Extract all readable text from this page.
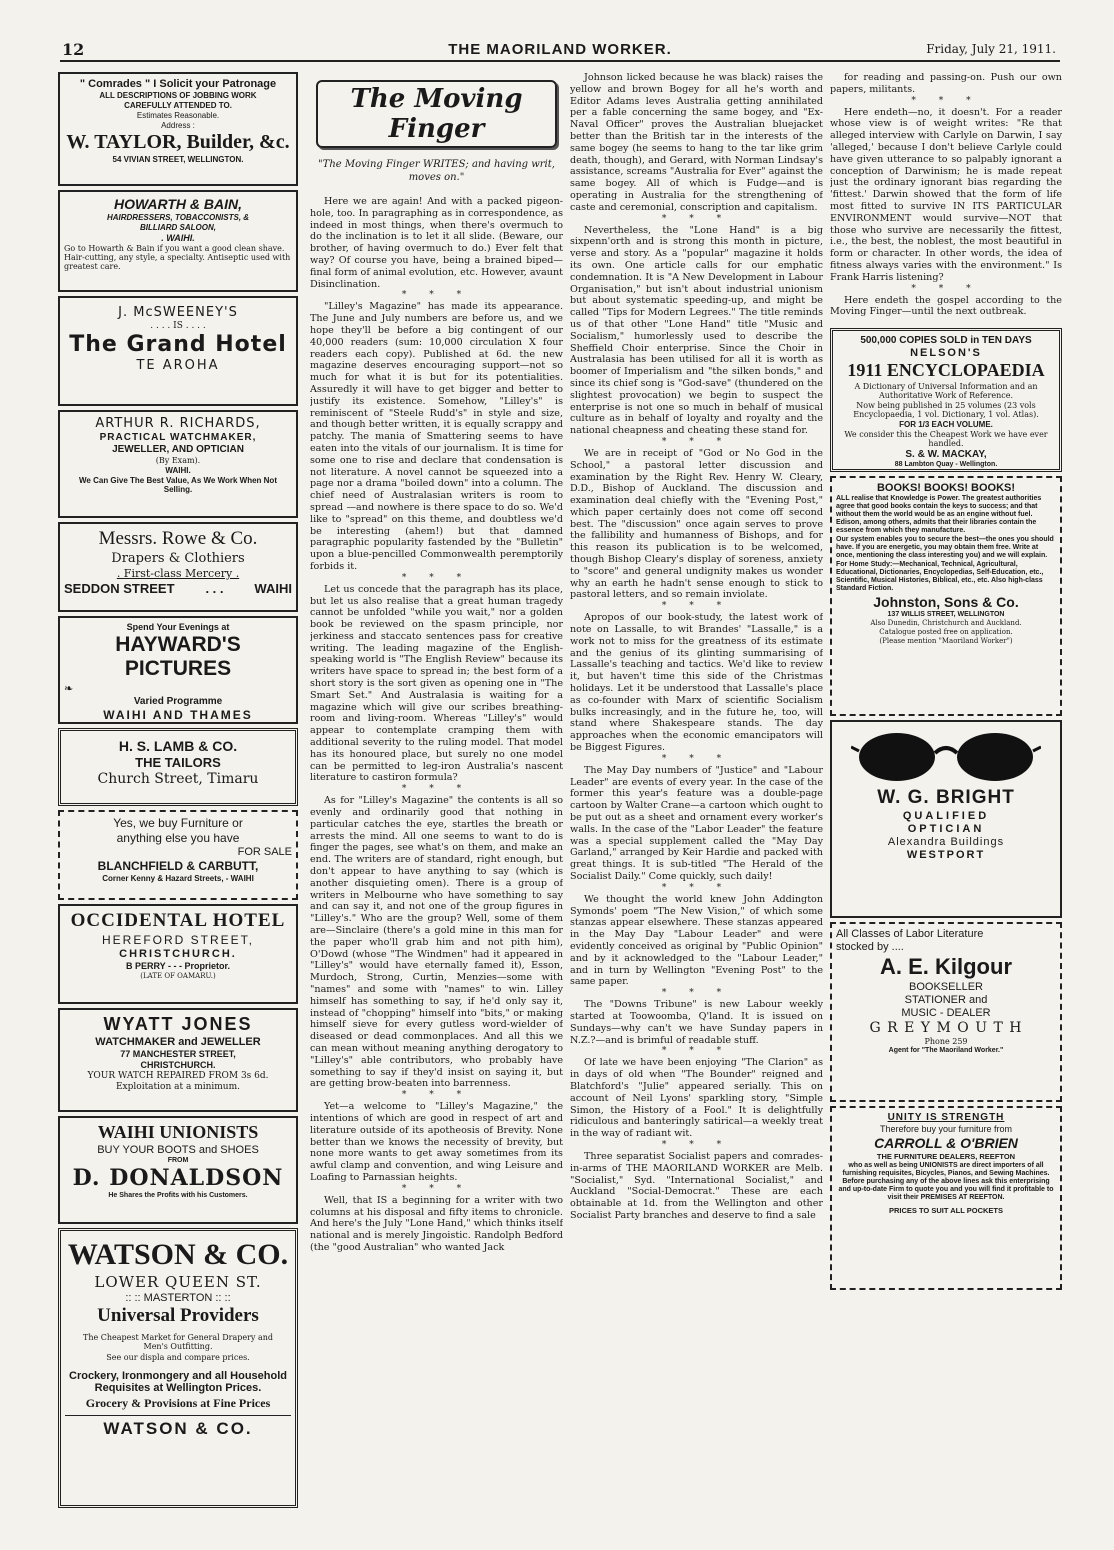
12	THE MAORILAND WORKER.	Friday, July 21, 1911.

" Comrades " I Solicit your Patronage

ALL DESCRIPTIONS OF JOBBING WORK

CAREFULLY ATTENDED TO.

Estimates Reasonable.

Address :

W. TAYLOR, Builder, &c.

54 VIVIAN STREET, WELLINGTON.

HOWARTH & BAIN,

HAIRDRESSERS, TOBACCONISTS, &

BILLIARD SALOON,

. WAIHI.

Go to Howarth & Bain if you want a good clean shave. Hair-cutting, any style, a specialty. Antiseptic used with greatest care.

J. McSWEENEY'S

. . . . IS . . . .

The Grand Hotel

TE AROHA

ARTHUR R. RICHARDS,

PRACTICAL WATCHMAKER,

JEWELLER, AND OPTICIAN

(By Exam).

WAIHI.

We Can Give The Best Value, As We Work When Not Selling.

Messrs. Rowe & Co.

Drapers & Clothiers

. First-class Mercery .

SEDDON STREET . . . WAIHI

Spend Your Evenings at

HAYWARD'S PICTURES

❧

Varied Programme

WAIHI AND THAMES

H. S. LAMB & CO.

THE TAILORS

Church Street, Timaru

Yes, we buy Furniture or

anything else you have

FOR SALE

BLANCHFIELD & CARBUTT,

Corner Kenny & Hazard Streets, - WAIHI

OCCIDENTAL HOTEL

HEREFORD STREET,

CHRISTCHURCH.

B PERRY - - - Proprietor.

(LATE OF OAMARU.)

WYATT JONES

WATCHMAKER and JEWELLER

77 MANCHESTER STREET,

CHRISTCHURCH.

YOUR WATCH REPAIRED FROM 3s 6d.

Exploitation at a minimum.

WAIHI UNIONISTS

BUY YOUR BOOTS and SHOES

FROM

D. DONALDSON

He Shares the Profits with his Customers.

WATSON & CO.

LOWER QUEEN ST.

:: :: MASTERTON :: ::

Universal Providers

The Cheapest Market for General Drapery and Men's Outfitting.

See our displa and compare prices.

Crockery, Ironmongery and all Household Requisites at Wellington Prices.

Grocery & Provisions at Fine Prices

WATSON & CO.

The Moving Finger
"The Moving Finger WRITES; and having writ, moves on."

Here we are again! And with a packed pigeon-hole, too. In paragraphing as in correspondence, as indeed in most things, when there's overmuch to do the inclination is to let it all slide. (Beware, our brother, of having overmuch to do.) Ever felt that way? Of course you have, being a brained biped—final form of animal evolution, etc. However, avaunt Disinclination.

* * *

"Lilley's Magazine" has made its appearance. The June and July numbers are before us, and we hope they'll be before a big contingent of our 40,000 readers (sum: 10,000 circulation X four readers each copy). Published at 6d. the new magazine deserves encouraging support—not so much for what it is but for its potentialities. Assuredly it will have to get bigger and better to justify its existence. Somehow, "Lilley's" is reminiscent of "Steele Rudd's" in style and size, and though better written, it is equally scrappy and patchy. The mania of Smattering seems to have eaten into the vitals of our journalism. It is time for some one to rise and declare that condensation is not literature. A novel cannot be squeezed into a page nor a drama "boiled down" into a column. The chief need of Australasian writers is room to spread —and nowhere is there space to do so. We'd like to "spread" on this theme, and doubtless we'd be interesting (ahem!) but that damned paragraphic popularity fastended by the "Bulletin" upon a blue-pencilled Commonwealth peremptorily forbids it.

* * *

Let us concede that the paragraph has its place, but let us also realise that a great human tragedy cannot be unfolded "while you wait," nor a golden book be reviewed on the spasm principle, nor jerkiness and staccato sentences pass for creative writing. The leading magazine of the English-speaking world is "The English Review" because its writers have space to spread in; the best form of a short story is the sort given as opening one in "The Smart Set." And Australasia is waiting for a magazine which will give our scribes breathing-room and living-room. Whereas "Lilley's" would appear to contemplate cramping them with additional severity to the ruling model. That model has its honoured place, but surely no one model can be permitted to leg-iron Australia's nascent literature to castiron formula?

* * *

As for "Lilley's Magazine" the contents is all so evenly and ordinarily good that nothing in particular catches the eye, startles the breath or arrests the mind. All one seems to want to do is finger the pages, see what's on them, and make an end. The writers are of standard, right enough, but don't appear to have anything to say (which is another disquieting omen). There is a group of writers in Melbourne who have something to say and can say it, and not one of the group figures in "Lilley's." Who are the group? Well, some of them are—Sinclaire (there's a gold mine in this man for the paper who'll grab him and not pith him), O'Dowd (whose "The Windmen" had it appeared in "Lilley's" would have eternally famed it), Esson, Murdoch, Strong, Curtin, Menzies—some with "names" and some with "names" to win. Lilley himself has something to say, if he'd only say it, instead of "chopping" himself into "bits," or making himself sieve for every gutless word-wielder of diseased or dead commonplaces. And all this we can mean without meaning anything derogatory to "Lilley's" able contributors, who probably have something to say if they'd insist on saying it, but are getting brow-beaten into barrenness.

* * *

Yet—a welcome to "Lilley's Magazine," the intentions of which are good in respect of art and literature outside of its apotheosis of Brevity. None better than we knows the necessity of brevity, but none more wants to get away sometimes from its awful clamp and convention, and wing Leisure and Loafing to Parnassian heights.

* * *

Well, that IS a beginning for a writer with two columns at his disposal and fifty items to chronicle. And here's the July "Lone Hand," which thinks itself national and is merely Jingoistic. Randolph Bedford (the "good Australian" who wanted Jack

Johnson licked because he was black) raises the yellow and brown Bogey for all he's worth and Editor Adams leves Australia getting annihilated per a fable concerning the same bogey, and "Ex-Naval Officer" proves the Australian bluejacket better than the British tar in the interests of the same bogey (he seems to hang to the tar like grim death, though), and Gerard, with Norman Lindsay's assistance, screams "Australia for Ever" against the same bogey. All of which is Fudge—and is operating in Australia for the strengthening of caste and ceremonial, conscription and capitalism.

* * *

Nevertheless, the "Lone Hand" is a big sixpenn'orth and is strong this month in picture, verse and story. As a "popular" magazine it holds its own. One article calls for our emphatic condemnation. It is "A New Development in Labour Organisation," but isn't about industrial unionism but about systematic speeding-up, and might be called "Tips for Modern Legrees." The title reminds us of that other "Lone Hand" title "Music and Socialism," humorlessly used to describe the Sheffield Choir enterprise. Since the Choir in Australasia has been utilised for all it is worth as boomer of Imperialism and "the silken bonds," and since its chief song is "God-save" (thundered on the slightest provocation) we begin to suspect the enterprise is not one so much in behalf of musical culture as in behalf of loyalty and royalty and the national cheapness and cheating these stand for.

* * *

We are in receipt of "God or No God in the School," a pastoral letter discussion and examination by the Right Rev. Henry W. Cleary, D.D., Bishop of Auckland. The discussion and examination deal chiefly with the "Evening Post," which paper certainly does not come off second best. The "discussion" once again serves to prove the fallibility and humanness of Bishops, and for this reason its publication is to be welcomed, though Bishop Cleary's display of soreness, anxiety to "score" and general undignity makes us wonder why an earth he hadn't sense enough to stick to pastoral letters, and so remain inviolate.

* * *

Apropos of our book-study, the latest work of note on Lassalle, to wit Brandes' "Lassalle," is a work not to miss for the greatness of its estimate and the genius of its glinting summarising of Lassalle's teaching and tactics. We'd like to review it, but haven't time this side of the Christmas holidays. Let it be understood that Lassalle's place as co-founder with Marx of scientific Socialism bulks increasingly, and in the future he, too, will stand where Shakespeare stands. The day approaches when the economic emancipators will be Biggest Figures.

* * *

The May Day numbers of "Justice" and "Labour Leader" are events of every year. In the case of the former this year's feature was a double-page cartoon by Walter Crane—a cartoon which ought to be put out as a sheet and ornament every worker's walls. In the case of the "Labor Leader" the feature was a special supplement called the "May Day Garland," arranged by Keir Hardie and packed with great things. It is sub-titled "The Herald of the Socialist Daily." Come quickly, such daily!

* * *

We thought the world knew John Addington Symonds' poem "The New Vision," of which some stanzas appear elsewhere. These stanzas appeared in the May Day "Labour Leader" and were evidently conceived as original by "Public Opinion" and by it acknowledged to the "Labour Leader," and in turn by Wellington "Evening Post" to the same paper.

* * *

The "Downs Tribune" is new Labour weekly started at Toowoomba, Q'land. It is issued on Sundays—why can't we have Sunday papers in N.Z.?—and is brimful of readable stuff.

* * *

Of late we have been enjoying "The Clarion" as in days of old when "The Bounder" reigned and Blatchford's "Julie" appeared serially. This on account of Neil Lyons' sparkling story, "Simple Simon, the History of a Fool." It is delightfully ridiculous and banteringly satirical—a weekly treat in the way of radiant wit.

* * *

Three separatist Socialist papers and comrades-in-arms of THE MAORILAND WORKER are Melb. "Socialist," Syd. "International Socialist," and Auckland "Social-Democrat." These are each obtainable at 1d. from the Wellington and other Socialist Party branches and deserve to find a sale

for reading and passing-on. Push our own papers, militants.

* * *

Here endeth—no, it doesn't. For a reader whose view is of weight writes: "Re that alleged interview with Carlyle on Darwin, I say 'alleged,' because I don't believe Carlyle could have given utterance to so palpably ignorant a conception of Darwinism; he is made repeat just the ordinary ignorant bias regarding the 'fittest.' Darwin showed that the form of life most fitted to survive IN ITS PARTICULAR ENVIRONMENT would survive—NOT that those who survive are necessarily the fittest, i.e., the best, the noblest, the most beautiful in form or character. In other words, the idea of fitness always varies with the environment." Is Frank Harris listening?

* * *

Here endeth the gospel according to the Moving Finger—until the next outbreak.

500,000 COPIES SOLD in TEN DAYS

NELSON'S

1911 ENCYCLOPAEDIA

A Dictionary of Universal Information and an Authoritative Work of Reference.

Now being published in 25 volumes (23 vols Encyclopaedia, 1 vol. Dictionary, 1 vol. Atlas).

FOR 1/3 EACH VOLUME.

We consider this the Cheapest Work we have ever handled.

S. & W. MACKAY,

88 Lambton Quay - Wellington.

BOOKS! BOOKS! BOOKS!

ALL realise that Knowledge is Power. The greatest authorities agree that good books contain the keys to success; and that without them the world would be as an engine without fuel. Edison, among others, admits that their libraries contain the essence from which they manufacture.

Our system enables you to secure the best—the ones you should have. If you are energetic, you may obtain them free. Write at once, mentioning the class interesting you) and we will explain.

For Home Study:—Mechanical, Technical, Agricultural, Educational, Dictionaries, Encyclopedias, Self-Education, etc., Scientific, Musical Histories, Biblical, etc., etc. Also high-class Standard Fiction.

Johnston, Sons & Co.

137 WILLIS STREET, WELLINGTON

Also Dunedin, Christchurch and Auckland.

Catalogue posted free on application.

(Please mention "Maoriland Worker")

W. G. BRIGHT

QUALIFIED

OPTICIAN

Alexandra Buildings

WESTPORT

All Classes of Labor Literature

stocked by ....

A. E. Kilgour

BOOKSELLER

STATIONER and

MUSIC - DEALER

G R E Y M O U T H

Phone 259

Agent for "The Maoriland Worker."

UNITY IS STRENGTH

Therefore buy your furniture from

CARROLL & O'BRIEN

THE FURNITURE DEALERS, REEFTON

who as well as being UNIONISTS are direct importers of all furnishing requisites, Bicycles, Pianos, and Sewing Machines. Before purchasing any of the above lines ask this enterprising and up-to-date Firm to quote you and you will find it profitable to visit their PREMISES AT REEFTON.

PRICES TO SUIT ALL POCKETS
